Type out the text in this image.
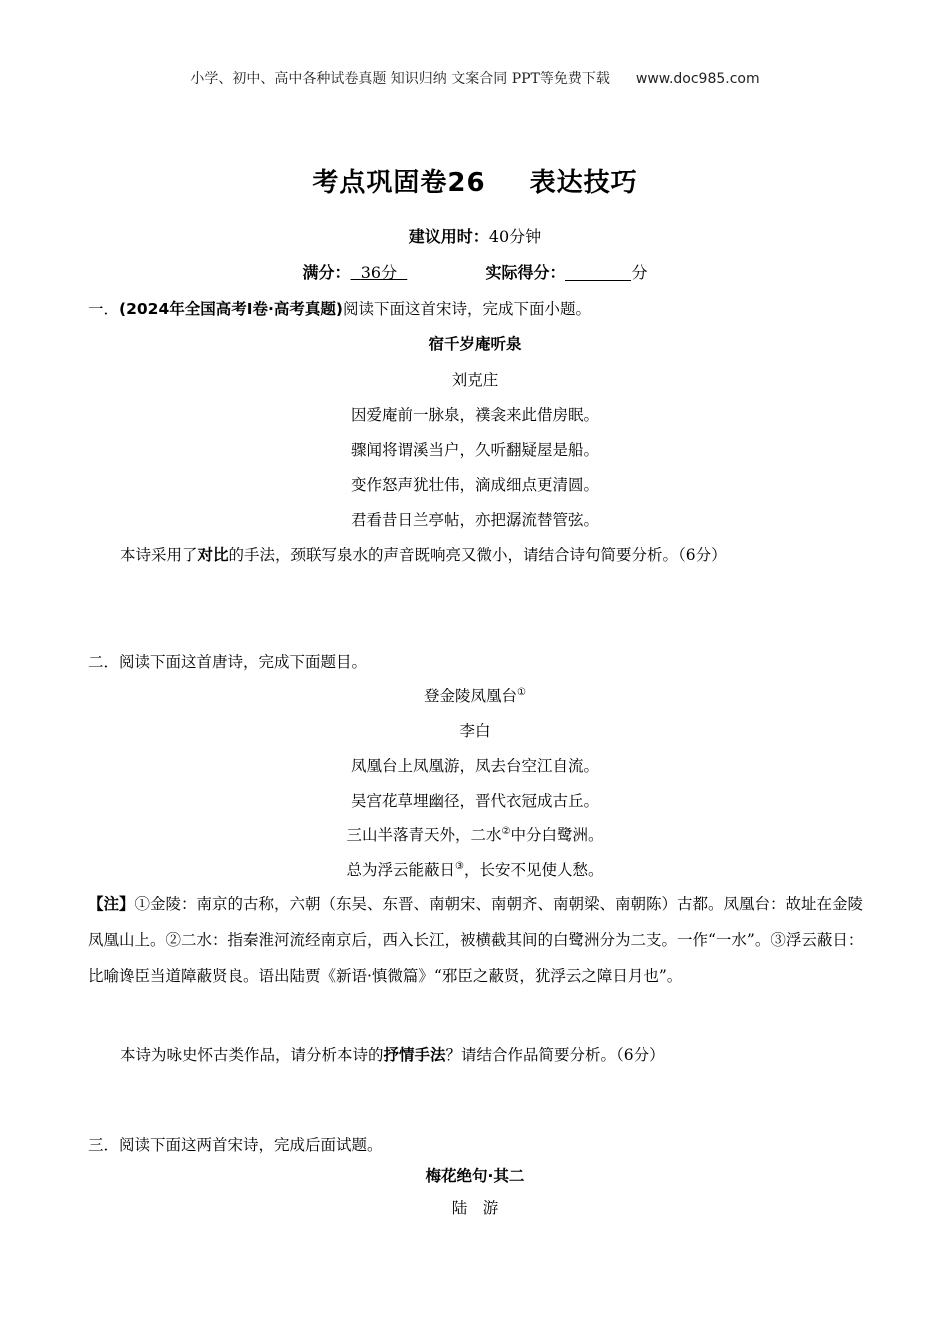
小学、初中、高中各种试卷真题 知识归纳 文案合同 PPT等免费下载 www.doc985.com
考点巩固卷26 表达技巧
建议用时：40分钟
满分： 36分	实际得分：	分
一．(2024年全国高考Ⅰ卷·高考真题)阅读下面这首宋诗，完成下面小题。
宿千岁庵听泉
刘克庄
因爱庵前一脉泉，襆衾来此借房眠。
骤闻将谓溪当户，久听翻疑屋是船。
变作怒声犹壮伟，滴成细点更清圆。
君看昔日兰亭帖，亦把潺流替管弦。
本诗采用了对比的手法，颈联写泉水的声音既响亮又微小，请结合诗句简要分析。（6分）
二．阅读下面这首唐诗，完成下面题目。
登金陵凤凰台①
李白
凤凰台上凤凰游，凤去台空江自流。
吴宫花草埋幽径，晋代衣冠成古丘。
三山半落青天外，二水②中分白鹭洲。
总为浮云能蔽日③，长安不见使人愁。
【注】①金陵：南京的古称，六朝（东吴、东晋、南朝宋、南朝齐、南朝梁、南朝陈）古都。凤凰台：故址在金陵凤凰山上。②二水：指秦淮河流经南京后，西入长江，被横截其间的白鹭洲分为二支。一作“一水”。③浮云蔽日：比喻谗臣当道障蔽贤良。语出陆贾《新语·慎微篇》“邪臣之蔽贤，犹浮云之障日月也”。
本诗为咏史怀古类作品，请分析本诗的抒情手法？请结合作品简要分析。（6分）
三．阅读下面这两首宋诗，完成后面试题。
梅花绝句·其二
陆　游
